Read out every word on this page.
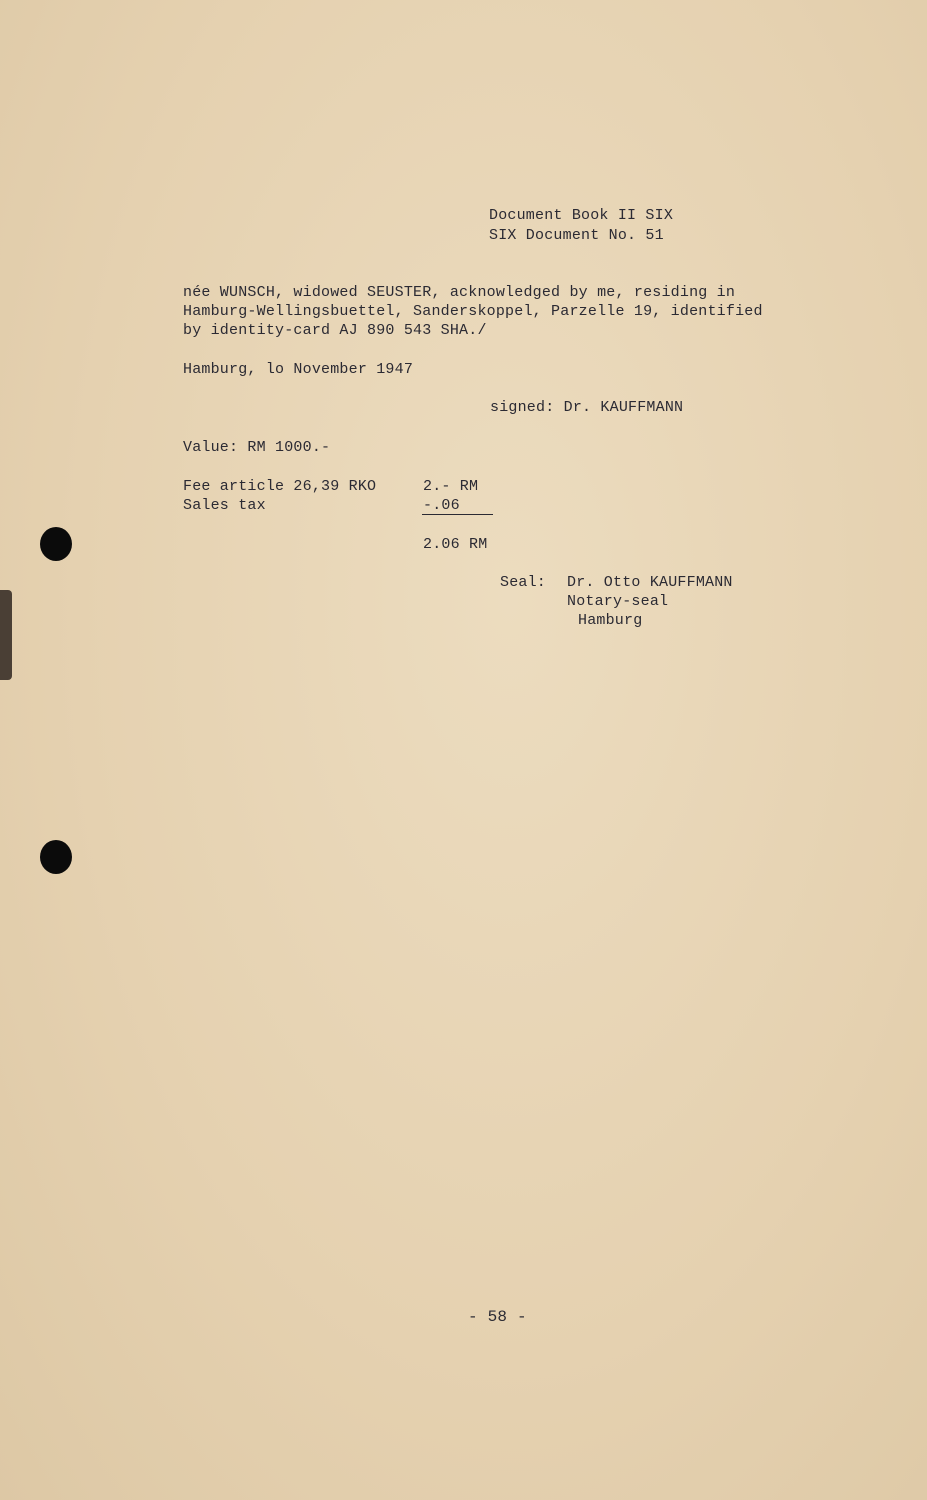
Document Book II SIX
SIX Document No. 51
née WUNSCH, widowed SEUSTER, acknowledged by me, residing in
Hamburg-Wellingsbuettel, Sanderskoppel, Parzelle 19, identified
by identity-card AJ 890 543 SHA./
Hamburg, lo November 1947
signed: Dr. KAUFFMANN
Value: RM 1000.-
Fee article 26,39 RKO	2.- RM
Sales tax	-.06
2.06 RM
Seal: Dr. Otto KAUFFMANN
Notary-seal
Hamburg
- 58 -
